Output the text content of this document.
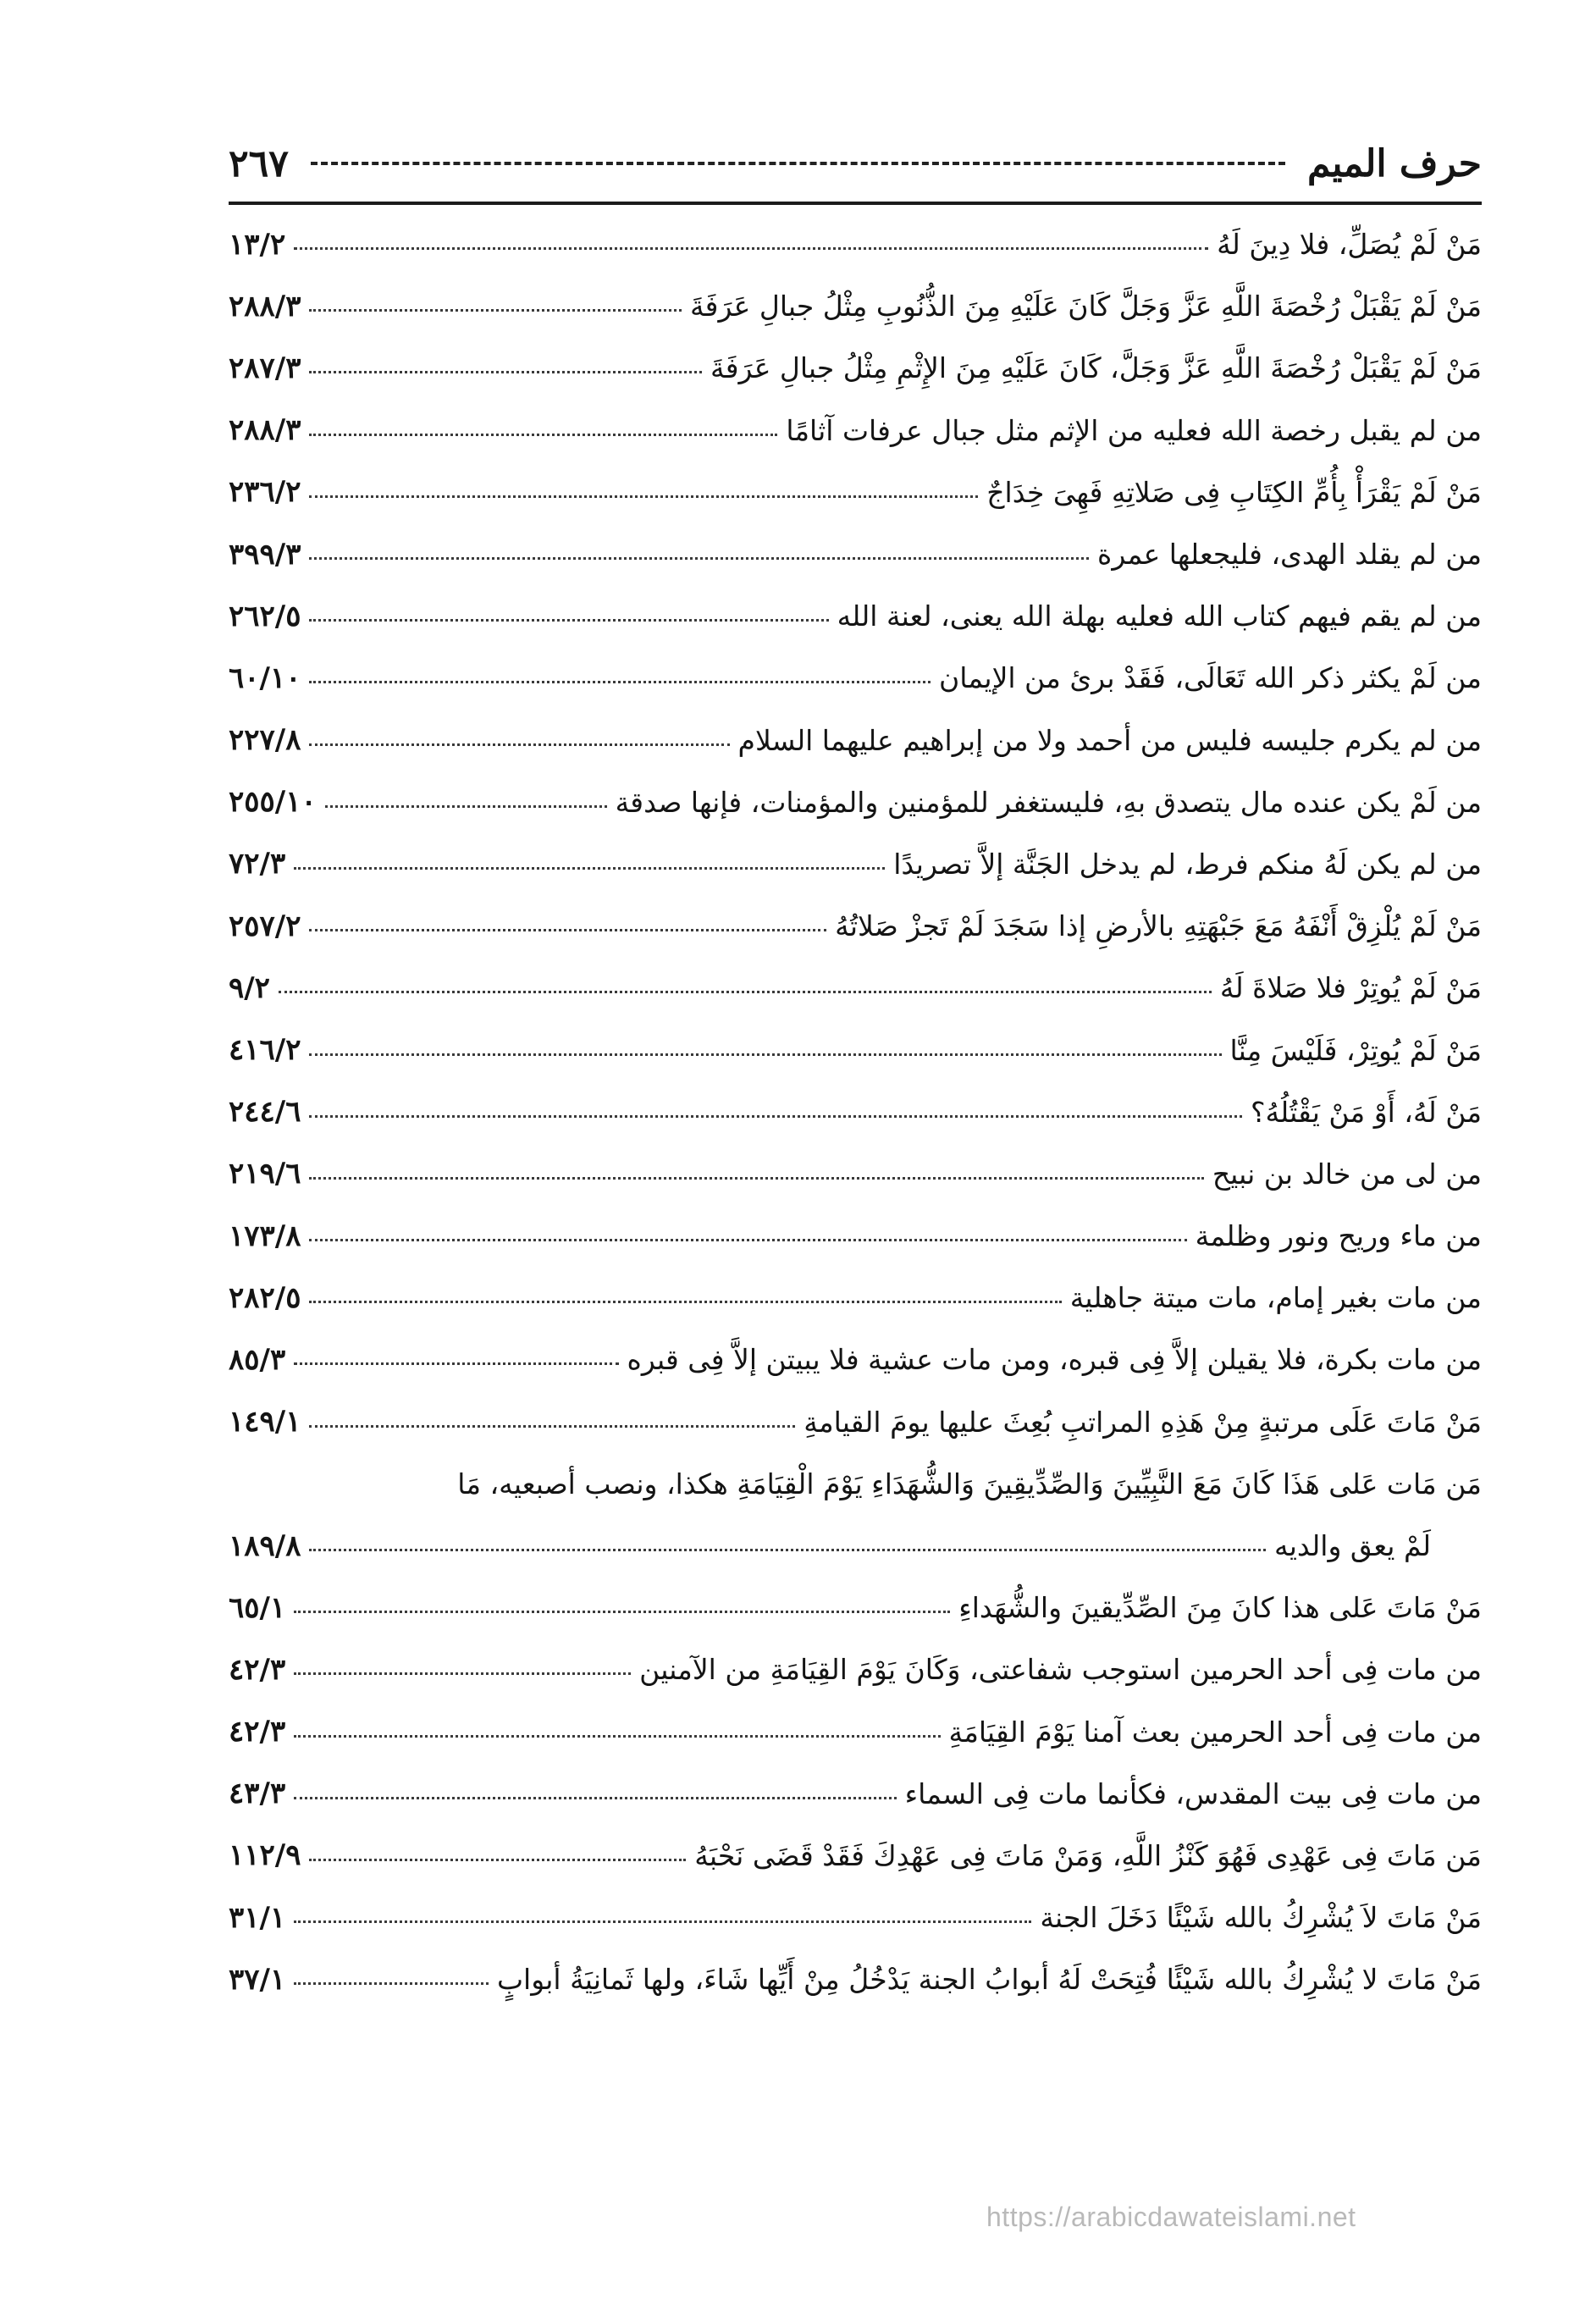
حرف الميم
٢٦٧
مَنْ لَمْ يُصَلِّ، فلا دِينَ لَهُ
١٣/٢
مَنْ لَمْ يَقْبَلْ رُخْصَةَ اللَّهِ عَزَّ وَجَلَّ كَانَ عَلَيْهِ مِنَ الذُّنُوبِ مِثْلُ جبالِ عَرَفَةَ
٢٨٨/٣
مَنْ لَمْ يَقْبَلْ رُخْصَةَ اللَّهِ عَزَّ وَجَلَّ، كَانَ عَلَيْهِ مِنَ الإِثْمِ مِثْلُ جبالِ عَرَفَةَ
٢٨٧/٣
من لم يقبل رخصة الله فعليه من الإثم مثل جبال عرفات آثامًا
٢٨٨/٣
مَنْ لَمْ يَقْرَأْ بِأُمِّ الكِتَابِ فِى صَلاتِهِ فَهِىَ خِدَاجٌ
٢٣٦/٢
من لم يقلد الهدى، فليجعلها عمرة
٣٩٩/٣
من لم يقم فيهم كتاب الله فعليه بهلة الله يعنى، لعنة الله
٢٦٢/٥
من لَمْ يكثر ذكر الله تَعَالَى، فَقَدْ برئ من الإيمان
٦٠/١٠
من لم يكرم جليسه فليس من أحمد ولا من إبراهيم عليهما السلام
٢٢٧/٨
من لَمْ يكن عنده مال يتصدق بهِ، فليستغفر للمؤمنين والمؤمنات، فإنها صدقة
٢٥٥/١٠
من لم يكن لَهُ منكم فرط، لم يدخل الجَنَّة إلاَّ تصريدًا
٧٢/٣
مَنْ لَمْ يُلْزِقْ أَنْفَهُ مَعَ جَبْهَتِهِ بالأرضِ إذا سَجَدَ لَمْ تَجزْ صَلاتُهُ
٢٥٧/٢
مَنْ لَمْ يُوتِرْ فلا صَلاةَ لَهُ
٩/٢
مَنْ لَمْ يُوتِرْ، فَلَيْسَ مِنَّا
٤١٦/٢
مَنْ لَهُ، أَوْ مَنْ يَقْتُلُهُ؟
٢٤٤/٦
من لى من خالد بن نبيح
٢١٩/٦
من ماء وريح ونور وظلمة
١٧٣/٨
من مات بغير إمام، مات ميتة جاهلية
٢٨٢/٥
من مات بكرة، فلا يقيلن إلاَّ فِى قبره، ومن مات عشية فلا يبيتن إلاَّ فِى قبره
٨٥/٣
مَنْ مَاتَ عَلَى مرتبةٍ مِنْ هَذِهِ المراتبِ بُعِثَ عليها يومَ القيامةِ
١٤٩/١
مَن مَات عَلى هَذَا كَانَ مَعَ النَّبِيِّينَ وَالصِّدِّيقِينَ وَالشُّهَدَاءِ يَوْمَ الْقِيَامَةِ هكذا، ونصب أصبعيه، مَا
لَمْ يعق والديه
١٨٩/٨
مَنْ مَاتَ عَلى هذا كانَ مِنَ الصِّدِّيقينَ والشُّهَداءِ
٦٥/١
من مات فِى أحد الحرمين استوجب شفاعتى، وَكَانَ يَوْمَ القِيَامَةِ من الآمنين
٤٢/٣
من مات فِى أحد الحرمين بعث آمنا يَوْمَ القِيَامَةِ
٤٢/٣
من مات فِى بيت المقدس، فكأنما مات فِى السماء
٤٣/٣
مَن مَاتَ فِى عَهْدِى فَهُوَ كَنْزُ اللَّهِ، وَمَنْ مَاتَ فِى عَهْدِكَ فَقَدْ قَضَى نَحْبَهُ
١١٢/٩
مَنْ مَاتَ لاَ يُشْرِكُ بالله شَيْئًا دَخَلَ الجنة
٣١/١
مَنْ مَاتَ لا يُشْرِكُ بالله شَيْئًا فُتِحَتْ لَهُ أبوابُ الجنة يَدْخُلُ مِنْ أَيِّها شَاءَ، ولها ثَمانِيَةُ أبوابٍ
٣٧/١
https://arabicdawateislami.net
